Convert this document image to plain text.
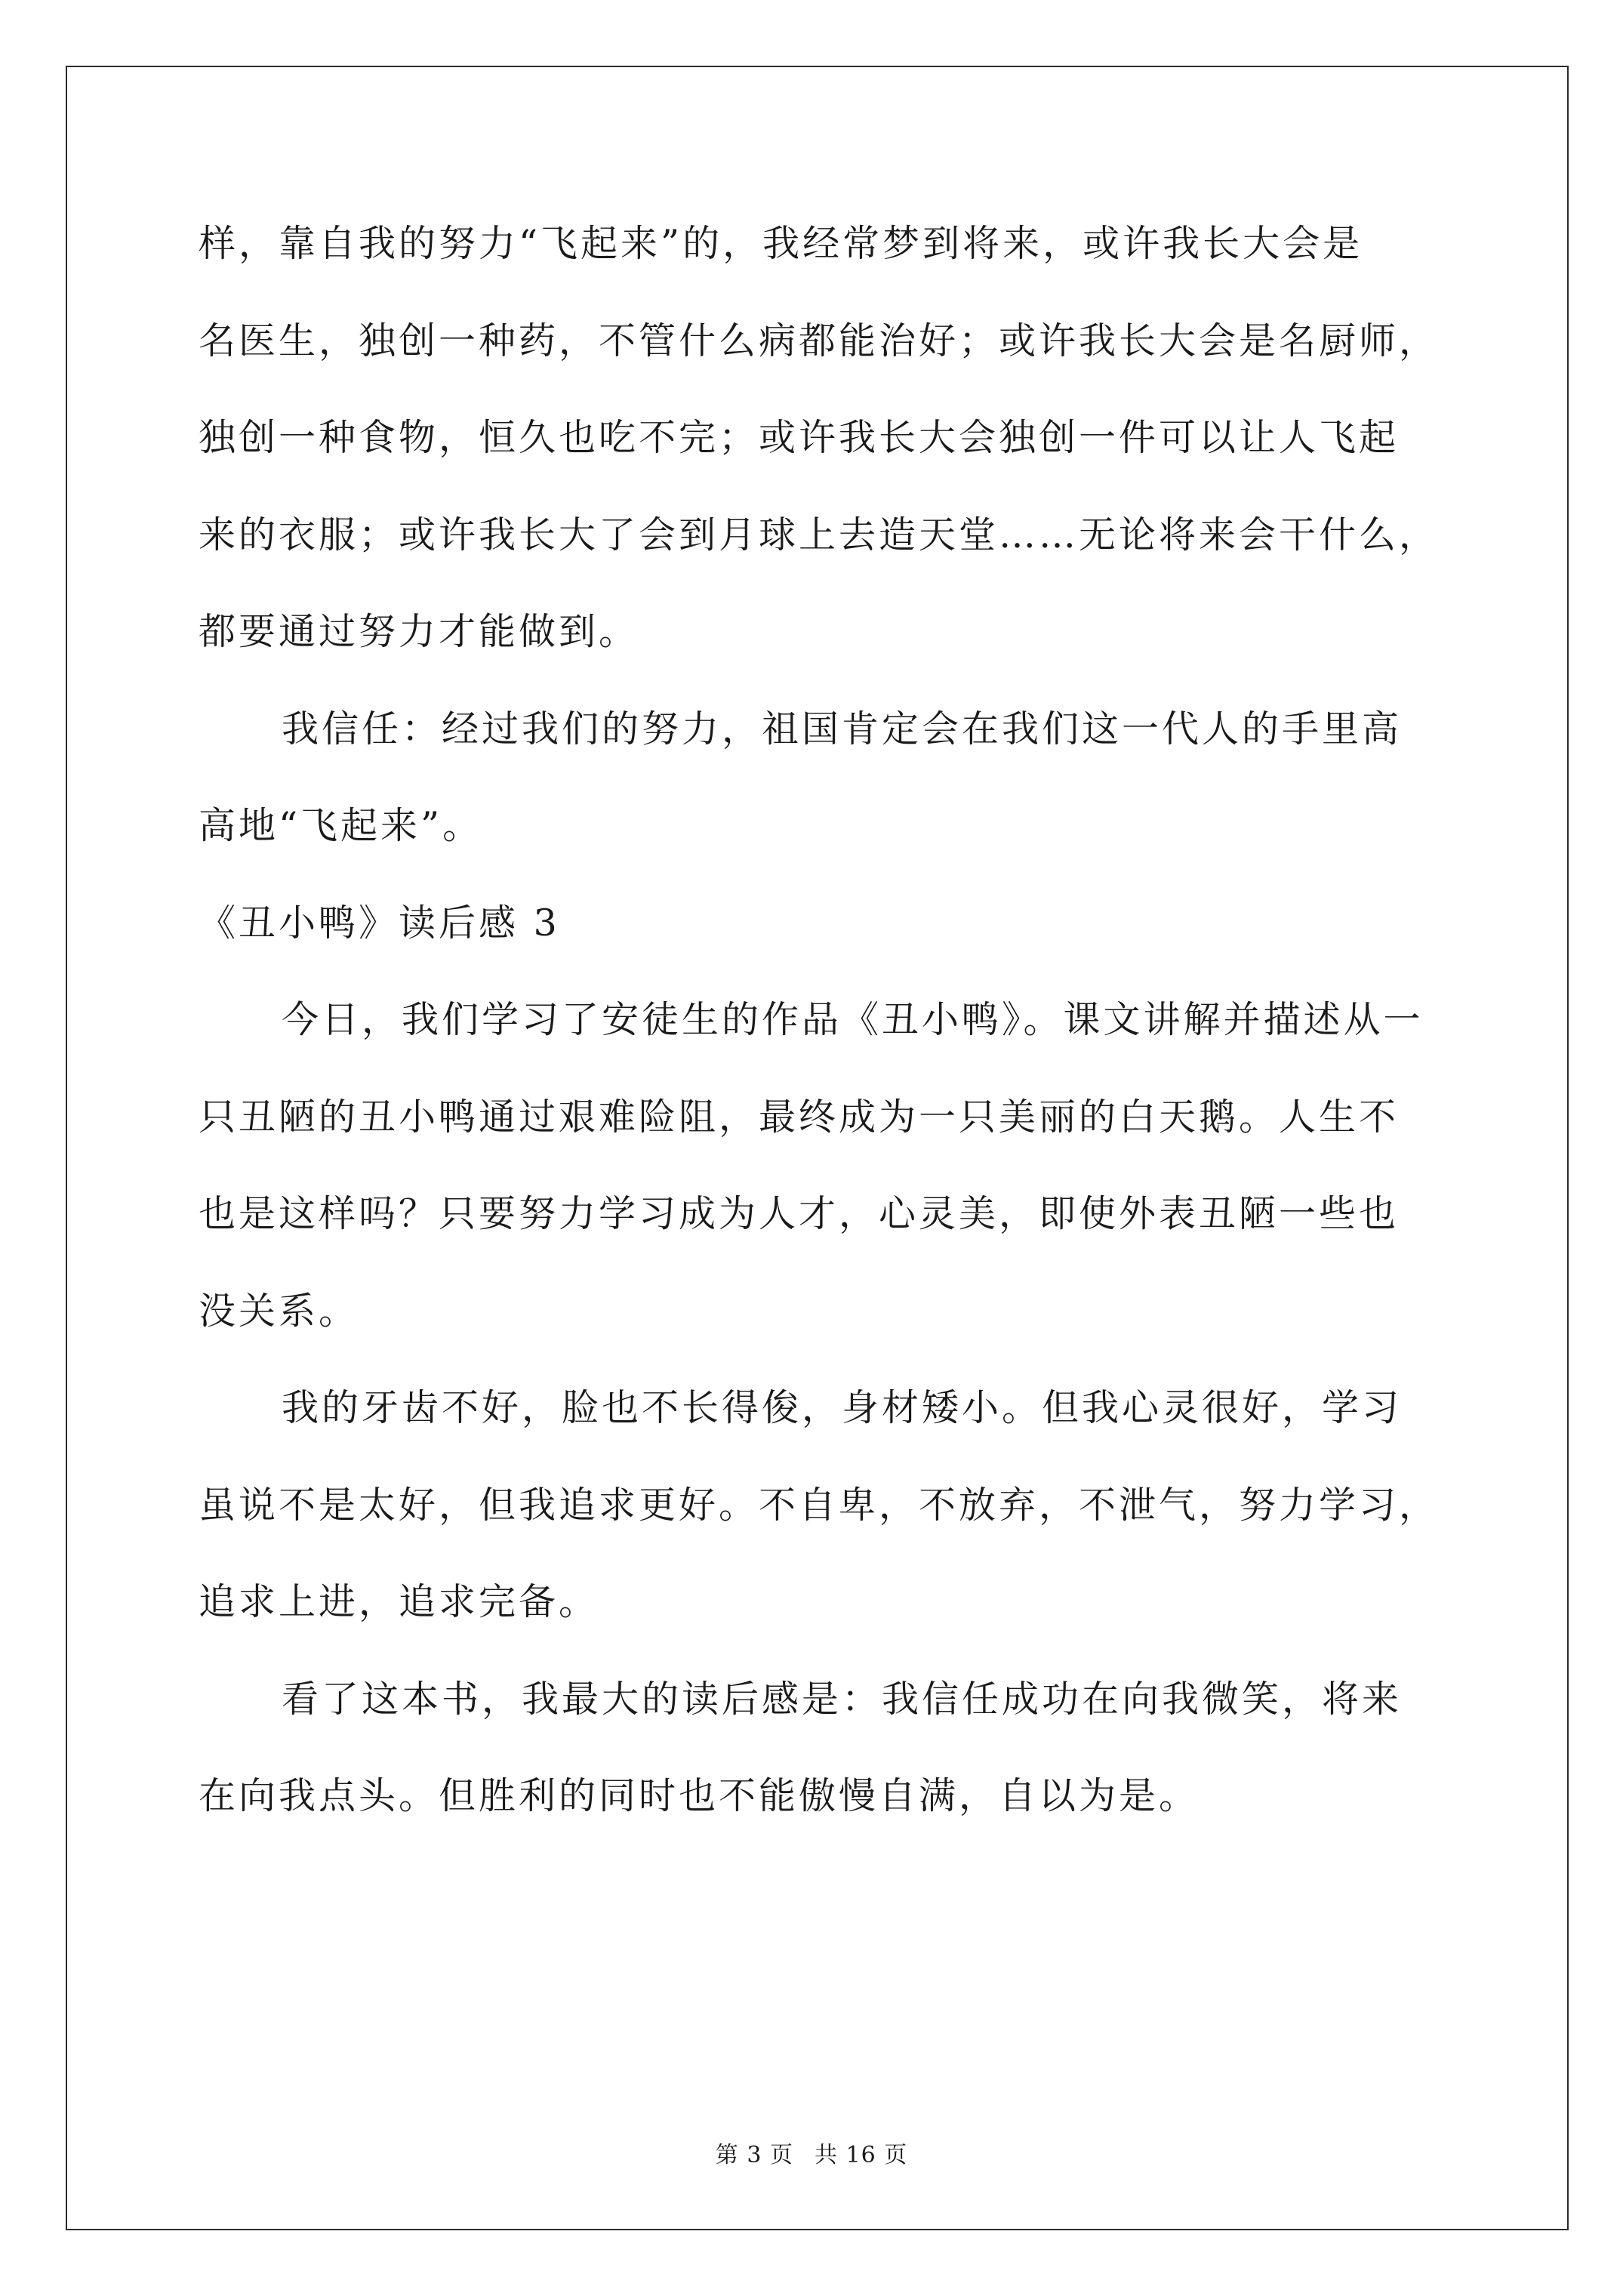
样，靠自我的努力“飞起来”的，我经常梦到将来，或许我长大会是
名医生，独创一种药，不管什么病都能治好；或许我长大会是名厨师，
独创一种食物，恒久也吃不完；或许我长大会独创一件可以让人飞起
来的衣服；或许我长大了会到月球上去造天堂……无论将来会干什么，
都要通过努力才能做到。
我信任：经过我们的努力，祖国肯定会在我们这一代人的手里高
高地“飞起来”。
《丑小鸭》读后感 3
今日，我们学习了安徒生的作品《丑小鸭》。课文讲解并描述从一
只丑陋的丑小鸭通过艰难险阻，最终成为一只美丽的白天鹅。人生不
也是这样吗？只要努力学习成为人才，心灵美，即使外表丑陋一些也
没关系。
我的牙齿不好，脸也不长得俊，身材矮小。但我心灵很好，学习
虽说不是太好，但我追求更好。不自卑，不放弃，不泄气，努力学习，
追求上进，追求完备。
看了这本书，我最大的读后感是：我信任成功在向我微笑，将来
在向我点头。但胜利的同时也不能傲慢自满，自以为是。
第 3 页 共 16 页
